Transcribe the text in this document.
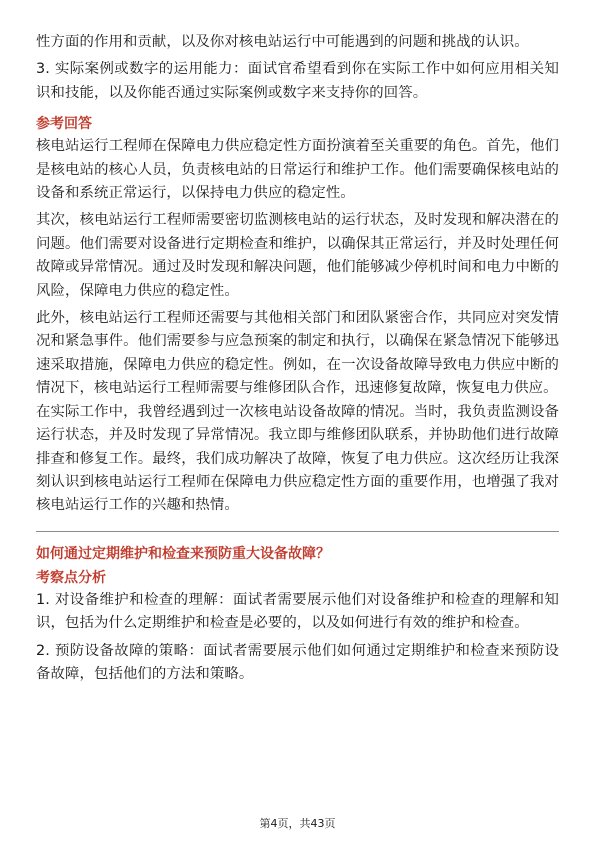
性方面的作用和贡献，以及你对核电站运行中可能遇到的问题和挑战的认识。

3. 实际案例或数字的运用能力：面试官希望看到你在实际工作中如何应用相关知识和技能，以及你能否通过实际案例或数字来支持你的回答。

参考回答

核电站运行工程师在保障电力供应稳定性方面扮演着至关重要的角色。首先，他们是核电站的核心人员，负责核电站的日常运行和维护工作。他们需要确保核电站的设备和系统正常运行，以保持电力供应的稳定性。

其次，核电站运行工程师需要密切监测核电站的运行状态，及时发现和解决潜在的问题。他们需要对设备进行定期检查和维护，以确保其正常运行，并及时处理任何故障或异常情况。通过及时发现和解决问题，他们能够减少停机时间和电力中断的风险，保障电力供应的稳定性。

此外，核电站运行工程师还需要与其他相关部门和团队紧密合作，共同应对突发情况和紧急事件。他们需要参与应急预案的制定和执行，以确保在紧急情况下能够迅速采取措施，保障电力供应的稳定性。例如，在一次设备故障导致电力供应中断的情况下，核电站运行工程师需要与维修团队合作，迅速修复故障，恢复电力供应。

在实际工作中，我曾经遇到过一次核电站设备故障的情况。当时，我负责监测设备运行状态，并及时发现了异常情况。我立即与维修团队联系，并协助他们进行故障排查和修复工作。最终，我们成功解决了故障，恢复了电力供应。这次经历让我深刻认识到核电站运行工程师在保障电力供应稳定性方面的重要作用，也增强了我对核电站运行工作的兴趣和热情。

如何通过定期维护和检查来预防重大设备故障？
考察点分析

1. 对设备维护和检查的理解：面试者需要展示他们对设备维护和检查的理解和知识，包括为什么定期维护和检查是必要的，以及如何进行有效的维护和检查。

2. 预防设备故障的策略：面试者需要展示他们如何通过定期维护和检查来预防设备故障，包括他们的方法和策略。

第4页，共43页
